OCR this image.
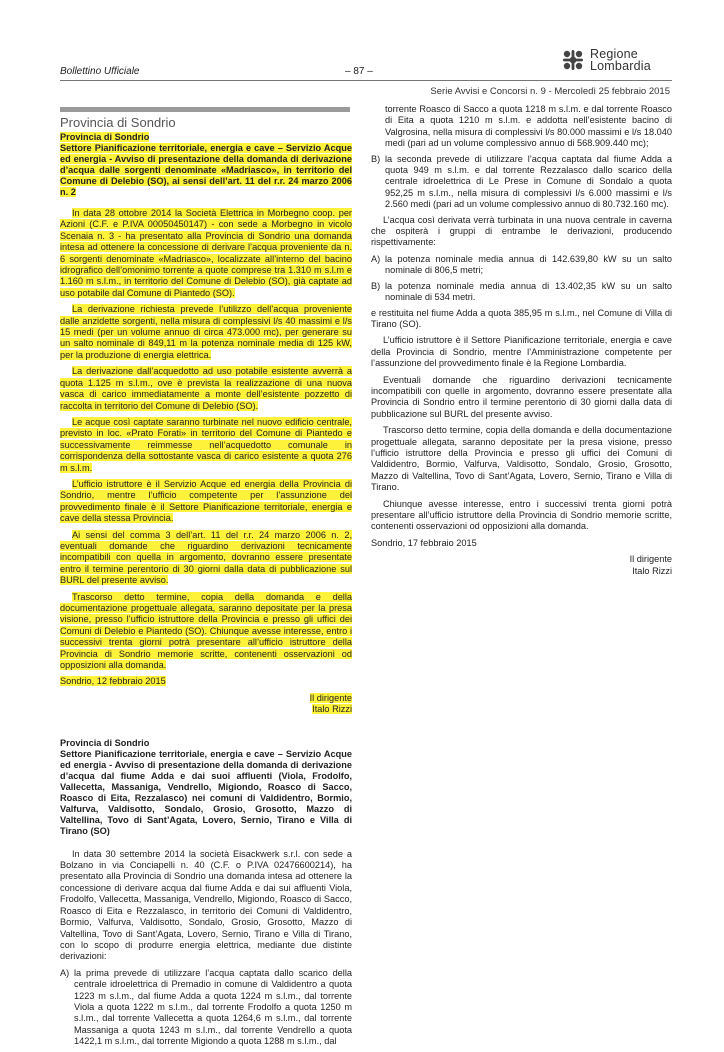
Bollettino Ufficiale	– 87 –
Regione
Lombardia
Serie Avvisi e Concorsi n. 9 - Mercoledì 25 febbraio 2015
Provincia di Sondrio
Provincia di Sondrio
Settore Pianificazione territoriale, energia e cave – Servizio Acque ed energia - Avviso di presentazione della domanda di derivazione d’acqua dalle sorgenti denominate «Madriasco», in territorio del Comune di Delebio (SO), ai sensi dell’art. 11 del r.r. 24 marzo 2006 n. 2

In data 28 ottobre 2014 la Società Elettrica in Morbegno coop. per Azioni (C.F. e P.IVA 00050450147) - con sede a Morbegno in vicolo Scenaia n. 3 - ha presentato alla Provincia di Sondrio una domanda intesa ad ottenere la concessione di derivare l’acqua proveniente da n. 6 sorgenti denominate «Madriasco», localizzate all’interno del bacino idrografico dell’omonimo torrente a quote comprese tra 1.310 m s.l.m e 1.160 m s.l.m., in territorio del Comune di Delebio (SO), già captate ad uso potabile dal Comune di Piantedo (SO).

La derivazione richiesta prevede l’utilizzo dell’acqua proveniente dalle anzidette sorgenti, nella misura di complessivi l/s 40 massimi e l/s 15 medi (per un volume annuo di circa 473.000 mc), per generare su un salto nominale di 849,11 m la potenza nominale media di 125 kW, per la produzione di energia elettrica.

La derivazione dall’acquedotto ad uso potabile esistente avverrà a quota 1.125 m s.l.m., ove è prevista la realizzazione di una nuova vasca di carico immediatamente a monte dell’esistente pozzetto di raccolta in territorio del Comune di Delebio (SO).

Le acque così captate saranno turbinate nel nuovo edificio centrale, previsto in loc. «Prato Forati» in territorio del Comune di Piantedo e successivamente reimmesse nell’acquedotto comunale in corrispondenza della sottostante vasca di carico esistente a quota 276 m s.l.m.

L’ufficio istruttore è il Servizio Acque ed energia della Provincia di Sondrio, mentre l’ufficio competente per l’assunzione del provvedimento finale è il Settore Pianificazione territoriale, energia e cave della stessa Provincia.

Ai sensi del comma 3 dell’art. 11 del r.r. 24 marzo 2006 n. 2, eventuali domande che riguardino derivazioni tecnicamente incompatibili con quella in argomento, dovranno essere presentate entro il termine perentorio di 30 giorni dalla data di pubblicazione sul BURL del presente avviso.

Trascorso detto termine, copia della domanda e della documentazione progettuale allegata, saranno depositate per la presa visione, presso l’ufficio istruttore della Provincia e presso gli uffici dei Comuni di Delebio e Piantedo (SO). Chiunque avesse interesse, entro i successivi trenta giorni potrà presentare all’ufficio istruttore della Provincia di Sondrio memorie scritte, contenenti osservazioni od opposizioni alla domanda.

Sondrio, 12 febbraio 2015

Il dirigente

Italo Rizzi

Provincia di Sondrio
Settore Pianificazione territoriale, energia e cave – Servizio Acque ed energia - Avviso di presentazione della domanda di derivazione d’acqua dal fiume Adda e dai suoi affluenti (Viola, Frodolfo, Vallecetta, Massaniga, Vendrello, Migiondo, Roasco di Sacco, Roasco di Eita, Rezzalasco) nei comuni di Valdidentro, Bormio, Valfurva, Valdisotto, Sondalo, Grosio, Grosotto, Mazzo di Valtellina, Tovo di Sant’Agata, Lovero, Sernio, Tirano e Villa di Tirano (SO)

In data 30 settembre 2014 la società Eisackwerk s.r.l. con sede a Bolzano in via Conciapelli n. 40 (C.F. o P.IVA 02476600214), ha presentato alla Provincia di Sondrio una domanda intesa ad ottenere la concessione di derivare acqua dal fiume Adda e dai sui affluenti Viola, Frodolfo, Vallecetta, Massaniga, Vendrello, Migiondo, Roasco di Sacco, Roasco di Eita e Rezzalasco, in territorio dei Comuni di Valdidentro, Bormio, Valfurva, Valdisotto, Sondalo, Grosio, Grosotto, Mazzo di Valtellina, Tovo di Sant’Agata, Lovero, Sernio, Tirano e Villa di Tirano, con lo scopo di produrre energia elettrica, mediante due distinte derivazioni:

A) la prima prevede di utilizzare l’acqua captata dallo scarico della centrale idroelettrica di Premadio in comune di Valdidentro a quota 1223 m s.l.m., dal fiume Adda a quota 1224 m s.l.m., dal torrente Viola a quota 1222 m s.l.m., dal torrente Frodolfo a quota 1250 m s.l.m., dal torrente Vallecetta a quota 1264,6 m s.l.m., dal torrente Massaniga a quota 1243 m s.l.m., dal torrente Vendrello a quota 1422,1 m s.l.m., dal torrente Migiondo a quota 1288 m s.l.m., dal
torrente Roasco di Sacco a quota 1218 m s.l.m. e dal torrente Roasco di Eita a quota 1210 m s.l.m. e addotta nell’esistente bacino di Valgrosina, nella misura di complessivi l/s 80.000 massimi e l/s 18.040 medi (pari ad un volume complessivo annuo di 568.909.440 mc);
B) la seconda prevede di utilizzare l’acqua captata dal fiume Adda a quota 949 m s.l.m. e dal torrente Rezzalasco dallo scarico della centrale idroelettrica di Le Prese in Comune di Sondalo a quota 952,25 m s.l.m., nella misura di complessivi l/s 6.000 massimi e l/s 2.560 medi (pari ad un volume complessivo annuo di 80.732.160 mc).

L’acqua così derivata verrà turbinata in una nuova centrale in caverna che ospiterà i gruppi di entrambe le derivazioni, producendo rispettivamente:

A) la potenza nominale media annua di 142.639,80 kW su un salto nominale di 806,5 metri;
B) la potenza nominale media annua di 13.402,35 kW su un salto nominale di 534 metri.

e restituita nel fiume Adda a quota 385,95 m s.l.m., nel Comune di Villa di Tirano (SO).

L’ufficio istruttore è il Settore Pianificazione territoriale, energia e cave della Provincia di Sondrio, mentre l’Amministrazione competente per l’assunzione del provvedimento finale è la Regione Lombardia.

Eventuali domande che riguardino derivazioni tecnicamente incompatibili con quelle in argomento, dovranno essere presentate alla Provincia di Sondrio entro il termine perentorio di 30 giorni dalla data di pubblicazione sul BURL del presente avviso.

Trascorso detto termine, copia della domanda e della documentazione progettuale allegata, saranno depositate per la presa visione, presso l’ufficio istruttore della Provincia e presso gli uffici dei Comuni di Valdidentro, Bormio, Valfurva, Valdisotto, Sondalo, Grosio, Grosotto, Mazzo di Valtellina, Tovo di Sant’Agata, Lovero, Sernio, Tirano e Villa di Tirano.

Chiunque avesse interesse, entro i successivi trenta giorni potrà presentare all’ufficio istruttore della Provincia di Sondrio memorie scritte, contenenti osservazioni od opposizioni alla domanda.

Sondrio, 17 febbraio 2015

Il dirigente

Italo Rizzi
